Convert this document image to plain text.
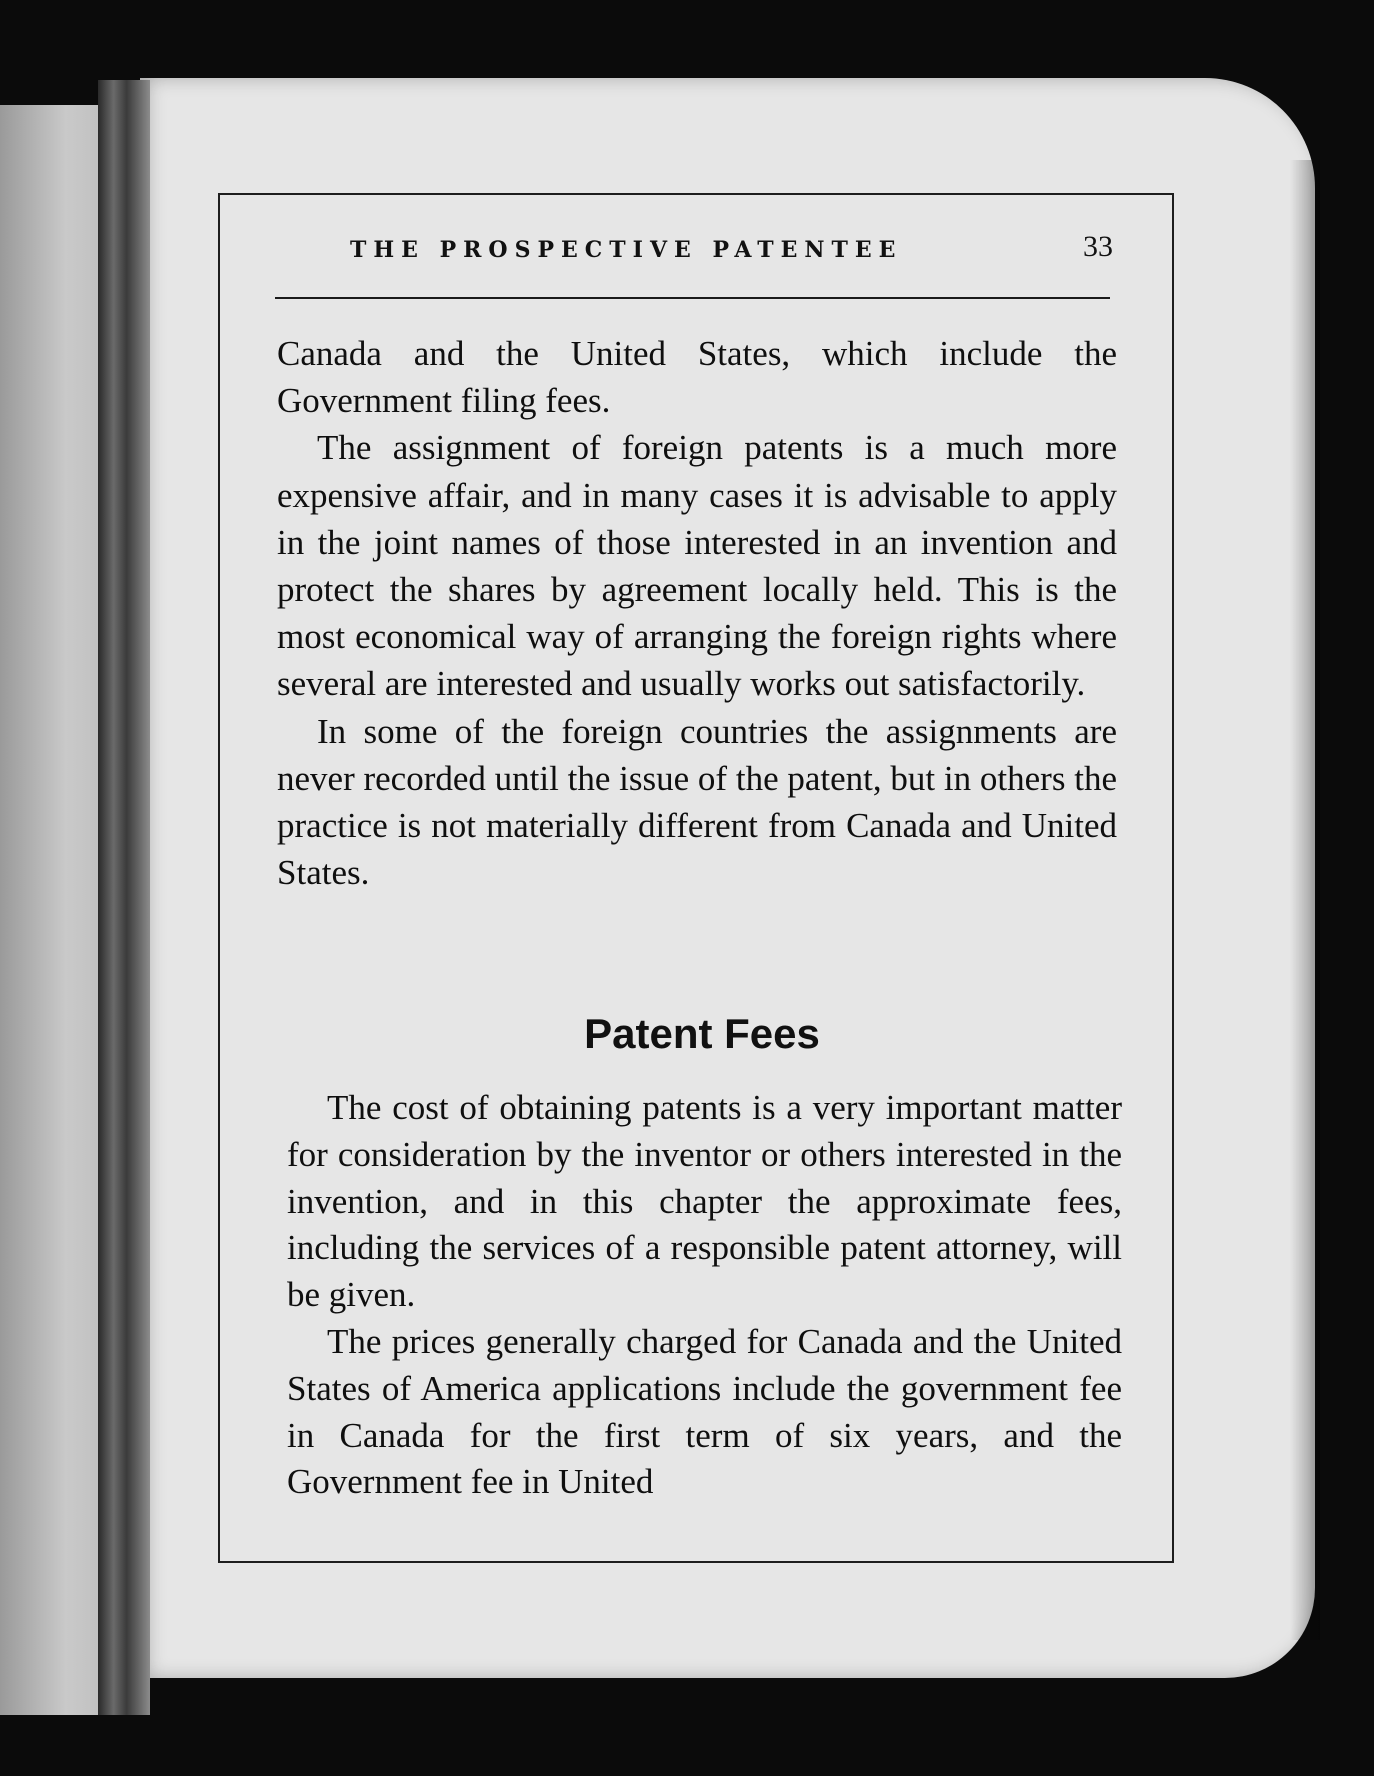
THE PROSPECTIVE PATENTEE	33

Canada and the United States, which include the Government filing fees.

The assignment of foreign patents is a much more expensive affair, and in many cases it is advisable to apply in the joint names of those interested in an invention and protect the shares by agreement locally held. This is the most economical way of arranging the foreign rights where several are interested and usually works out satisfactorily.

In some of the foreign countries the assignments are never recorded until the issue of the patent, but in others the practice is not materially different from Canada and United States.

Patent Fees

The cost of obtaining patents is a very important matter for consideration by the inventor or others interested in the invention, and in this chapter the approximate fees, including the services of a responsible patent attorney, will be given.

The prices generally charged for Canada and the United States of America applications include the government fee in Canada for the first term of six years, and the Government fee in United
